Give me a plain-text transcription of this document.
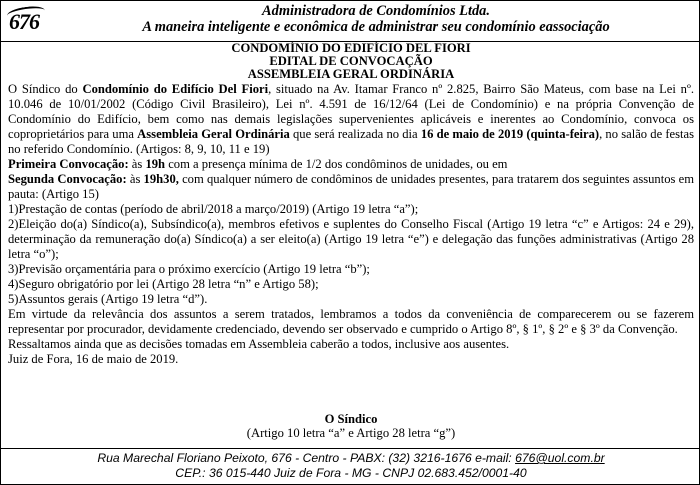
676	Administradora de Condomínios Ltda.
A maneira inteligente e econômica de administrar seu condomínio eassociação
CONDOMÍNIO DO EDIFÍCIO DEL FIORI
EDITAL DE CONVOCAÇÃO
ASSEMBLEIA GERAL ORDINÁRIA

O Síndico do Condomínio do Edifício Del Fiori, situado na Av. Itamar Franco nº 2.825, Bairro São Mateus, com base na Lei nº. 10.046 de 10/01/2002 (Código Civil Brasileiro), Lei nº. 4.591 de 16/12/64 (Lei de Condomínio) e na própria Convenção de Condomínio do Edifício, bem como nas demais legislações supervenientes aplicáveis e inerentes ao Condomínio, convoca os coproprietários para uma Assembleia Geral Ordinária que será realizada no dia 16 de maio de 2019 (quinta-feira), no salão de festas no referido Condomínio. (Artigos: 8, 9, 10, 11 e 19)

Primeira Convocação: às 19h com a presença mínima de 1/2 dos condôminos de unidades, ou em

Segunda Convocação: às 19h30, com qualquer número de condôminos de unidades presentes, para tratarem dos seguintes assuntos em pauta: (Artigo 15)

1)Prestação de contas (período de abril/2018 a março/2019) (Artigo 19 letra “a”);

2)Eleição do(a) Síndico(a), Subsíndico(a), membros efetivos e suplentes do Conselho Fiscal (Artigo 19 letra “c” e Artigos: 24 e 29), determinação da remuneração do(a) Síndico(a) a ser eleito(a) (Artigo 19 letra “e”) e delegação das funções administrativas (Artigo 28 letra “o”);

3)Previsão orçamentária para o próximo exercício (Artigo 19 letra “b”);

4)Seguro obrigatório por lei (Artigo 28 letra “n” e Artigo 58);

5)Assuntos gerais (Artigo 19 letra “d”).

Em virtude da relevância dos assuntos a serem tratados, lembramos a todos da conveniência de comparecerem ou se fazerem representar por procurador, devidamente credenciado, devendo ser observado e cumprido o Artigo 8º, § 1º, § 2º e § 3º da Convenção.

Ressaltamos ainda que as decisões tomadas em Assembleia caberão a todos, inclusive aos ausentes.

Juiz de Fora, 16 de maio de 2019.

O Síndico
(Artigo 10 letra “a” e Artigo 28 letra “g”)
Rua Marechal Floriano Peixoto, 676 - Centro - PABX: (32) 3216-1676 e-mail: 676@uol.com.br
CEP.: 36 015-440 Juiz de Fora - MG - CNPJ 02.683.452/0001-40
